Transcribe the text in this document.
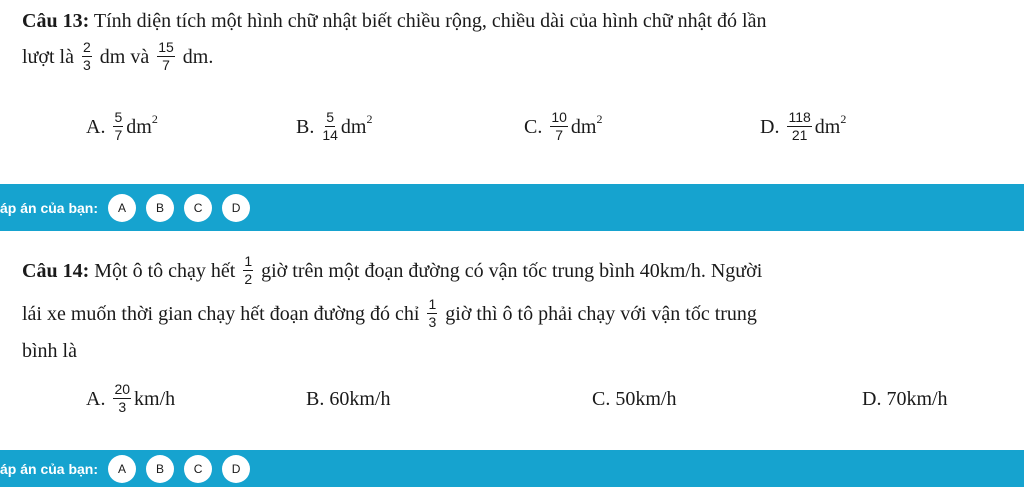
Câu 13: Tính diện tích một hình chữ nhật biết chiều rộng, chiều dài của hình chữ nhật đó lần
lượt là $\frac{2}{3}$ dm và $\frac{15}{7}$ dm.
A. $\frac{5}{7} dm^2$	B. $\frac{5}{14} dm^2$	C. $\frac{10}{7} dm^2$	D. $\frac{118}{21} dm^2$
áp án của bạn:	A	B	C	D
Câu 14: Một ô tô chạy hết $\frac{1}{2}$ giờ trên một đoạn đường có vận tốc trung bình 40km/h. Người
lái xe muốn thời gian chạy hết đoạn đường đó chỉ $\frac{1}{3}$ giờ thì ô tô phải chạy với vận tốc trung
bình là
A. $\frac{20}{3} km/h$	B. 60km/h	C. 50km/h	D. 70km/h
áp án của bạn:	A	B	C	D
